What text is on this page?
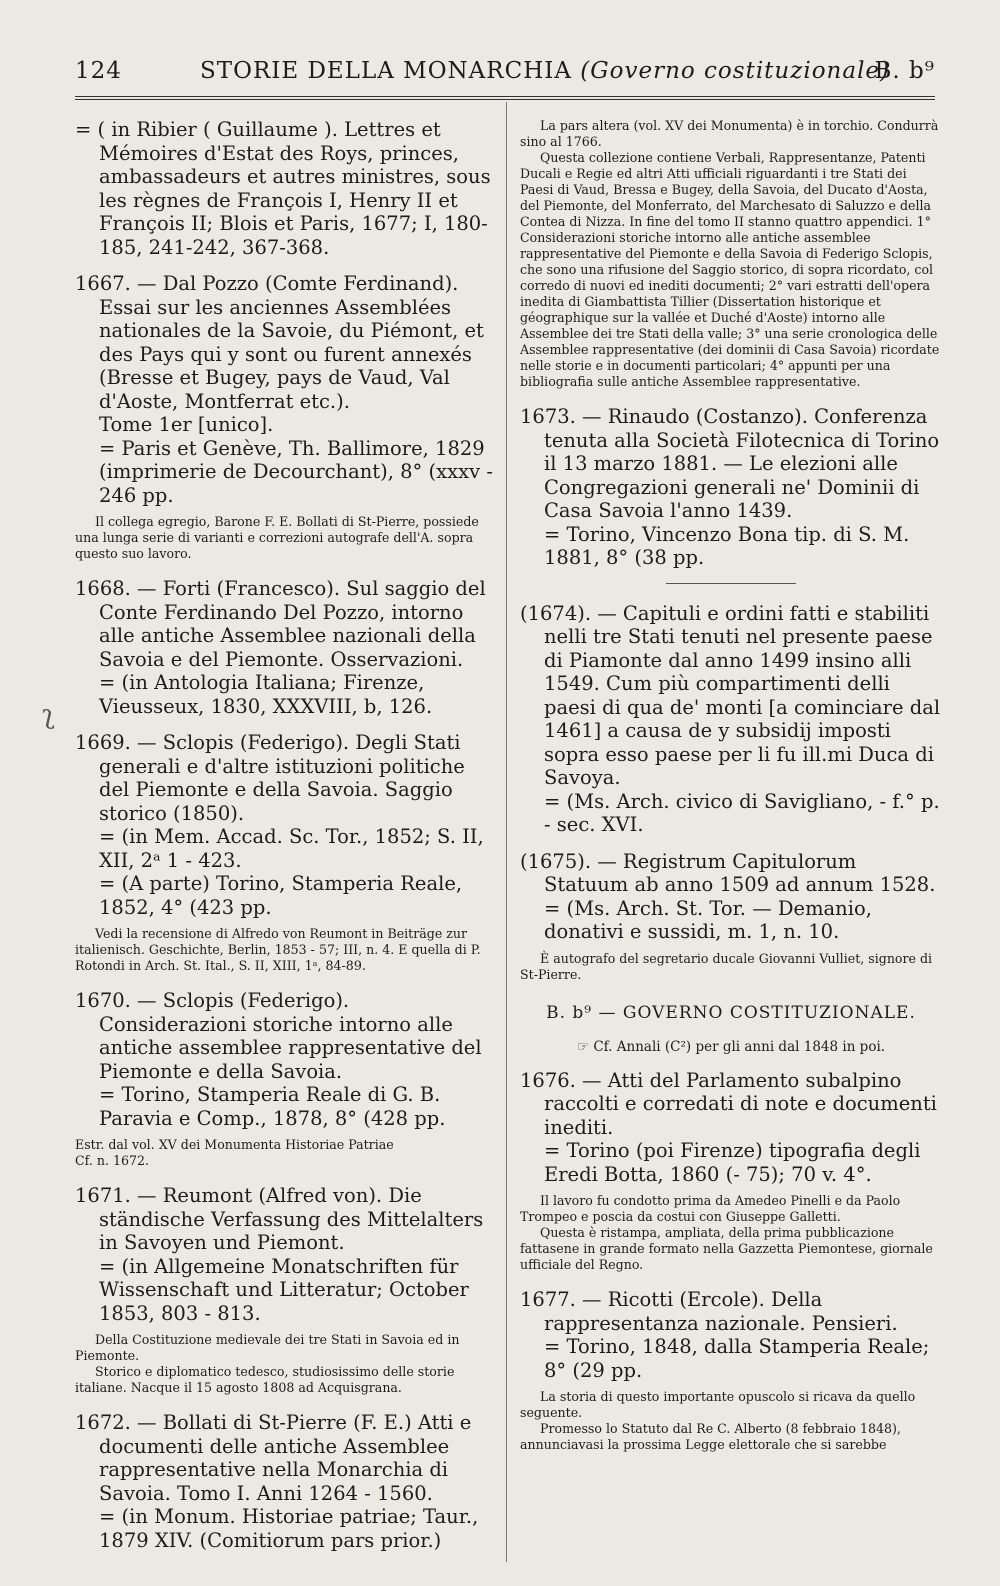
124	STORIE DELLA MONARCHIA (Governo costituzionale)
B. b⁹
ʅ

= ( in Ribier ( Guillaume ). Lettres et Mémoires d'Estat des Roys, princes, ambassadeurs et autres ministres, sous les règnes de François I, Henry II et François II; Blois et Paris, 1677; I, 180-185, 241-242, 367-368.

1667. — Dal Pozzo (Comte Ferdinand). Essai sur les anciennes Assemblées nationales de la Savoie, du Piémont, et des Pays qui y sont ou furent annexés (Bresse et Bugey, pays de Vaud, Val d'Aoste, Montferrat etc.).

Tome 1er [unico].

= Paris et Genève, Th. Ballimore, 1829 (imprimerie de Decourchant), 8° (xxxv - 246 pp.

Il collega egregio, Barone F. E. Bollati di St-Pierre, possiede una lunga serie di varianti e correzioni autografe dell'A. sopra questo suo lavoro.

1668. — Forti (Francesco). Sul saggio del Conte Ferdinando Del Pozzo, intorno alle antiche Assemblee nazionali della Savoia e del Piemonte. Osservazioni.

= (in Antologia Italiana; Firenze, Vieusseux, 1830, XXXVIII, b, 126.

1669. — Sclopis (Federigo). Degli Stati generali e d'altre istituzioni politiche del Piemonte e della Savoia. Saggio storico (1850).

= (in Mem. Accad. Sc. Tor., 1852; S. II, XII, 2ᵃ 1 - 423.

= (A parte) Torino, Stamperia Reale, 1852, 4° (423 pp.

Vedi la recensione di Alfredo von Reumont in Beiträge zur italienisch. Geschichte, Berlin, 1853 - 57; III, n. 4. E quella di P. Rotondi in Arch. St. Ital., S. II, XIII, 1ᵃ, 84-89.

1670. — Sclopis (Federigo). Considerazioni storiche intorno alle antiche assemblee rappresentative del Piemonte e della Savoia.

= Torino, Stamperia Reale di G. B. Paravia e Comp., 1878, 8° (428 pp.

Estr. dal vol. XV dei Monumenta Historiae Patriae

Cf. n. 1672.

1671. — Reumont (Alfred von). Die ständische Verfassung des Mittelalters in Savoyen und Piemont.

= (in Allgemeine Monatschriften für Wissenschaft und Litteratur; October 1853, 803 - 813.

Della Costituzione medievale dei tre Stati in Savoia ed in Piemonte.

Storico e diplomatico tedesco, studiosissimo delle storie italiane. Nacque il 15 agosto 1808 ad Acquisgrana.

1672. — Bollati di St-Pierre (F. E.) Atti e documenti delle antiche Assemblee rappresentative nella Monarchia di Savoia. Tomo I. Anni 1264 - 1560.

= (in Monum. Historiae patriae; Taur., 1879 XIV. (Comitiorum pars prior.)

La pars altera (vol. XV dei Monumenta) è in torchio. Condurrà sino al 1766.

Questa collezione contiene Verbali, Rappresentanze, Patenti Ducali e Regie ed altri Atti ufficiali riguardanti i tre Stati dei Paesi di Vaud, Bressa e Bugey, della Savoia, del Ducato d'Aosta, del Piemonte, del Monferrato, del Marchesato di Saluzzo e della Contea di Nizza. In fine del tomo II stanno quattro appendici. 1° Considerazioni storiche intorno alle antiche assemblee rappresentative del Piemonte e della Savoia di Federigo Sclopis, che sono una rifusione del Saggio storico, di sopra ricordato, col corredo di nuovi ed inediti documenti; 2° vari estratti dell'opera inedita di Giambattista Tillier (Dissertation historique et géographique sur la vallée et Duché d'Aoste) intorno alle Assemblee dei tre Stati della valle; 3° una serie cronologica delle Assemblee rappresentative (dei dominii di Casa Savoia) ricordate nelle storie e in documenti particolari; 4° appunti per una bibliografia sulle antiche Assemblee rappresentative.

1673. — Rinaudo (Costanzo). Conferenza tenuta alla Società Filotecnica di Torino il 13 marzo 1881. — Le elezioni alle Congregazioni generali ne' Dominii di Casa Savoia l'anno 1439.

= Torino, Vincenzo Bona tip. di S. M. 1881, 8° (38 pp.

(1674). — Capituli e ordini fatti e stabiliti nelli tre Stati tenuti nel presente paese di Piamonte dal anno 1499 insino alli 1549. Cum più compartimenti delli paesi di qua de' monti [a cominciare dal 1461] a causa de y subsidij imposti sopra esso paese per li fu ill.mi Duca di Savoya.

= (Ms. Arch. civico di Savigliano, - f.° p. - sec. XVI.

(1675). — Registrum Capitulorum Statuum ab anno 1509 ad annum 1528.

= (Ms. Arch. St. Tor. — Demanio, donativi e sussidi, m. 1, n. 10.

È autografo del segretario ducale Giovanni Vulliet, signore di St-Pierre.

B. b⁹ — GOVERNO COSTITUZIONALE.
☞ Cf. Annali (C²) per gli anni dal 1848 in poi.

1676. — Atti del Parlamento subalpino raccolti e corredati di note e documenti inediti.

= Torino (poi Firenze) tipografia degli Eredi Botta, 1860 (- 75); 70 v. 4°.

Il lavoro fu condotto prima da Amedeo Pinelli e da Paolo Trompeo e poscia da costui con Giuseppe Galletti.

Questa è ristampa, ampliata, della prima pubblicazione fattasene in grande formato nella Gazzetta Piemontese, giornale ufficiale del Regno.

1677. — Ricotti (Ercole). Della rappresentanza nazionale. Pensieri.

= Torino, 1848, dalla Stamperia Reale; 8° (29 pp.

La storia di questo importante opuscolo si ricava da quello seguente.

Promesso lo Statuto dal Re C. Alberto (8 febbraio 1848), annunciavasi la prossima Legge elettorale che si sarebbe
